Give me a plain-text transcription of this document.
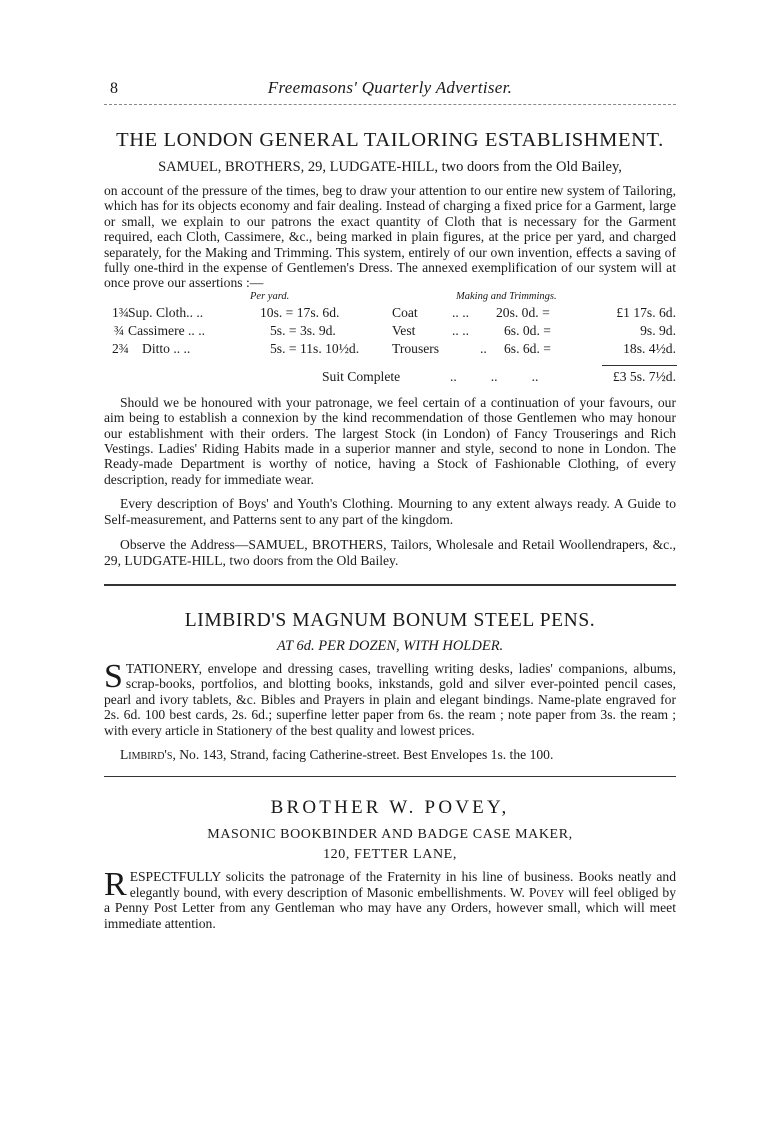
8	Freemasons' Quarterly Advertiser.
THE LONDON GENERAL TAILORING ESTABLISHMENT.
SAMUEL, BROTHERS, 29, LUDGATE-HILL, two doors from the Old Bailey,

on account of the pressure of the times, beg to draw your attention to our entire new system of Tailoring, which has for its objects economy and fair dealing. Instead of charging a fixed price for a Garment, large or small, we explain to our patrons the exact quantity of Cloth that is necessary for the Garment required, each Cloth, Cassimere, &c., being marked in plain figures, at the price per yard, and charged separately, for the Making and Trimming. This system, entirely of our own invention, effects a saving of fully one-third in the expense of Gentlemen's Dress. The annexed exemplification of our system will at once prove our assertions :—

Per yard.	Making and Trimmings.
1¾ Sup. Cloth.. ..	10s. = 17s. 6d.	Coat	.. .. 20s. 0d. =	£1 17s. 6d.
¾ Cassimere .. ..	5s. = 3s. 9d.	Vest	.. ..	6s. 0d. =	9s. 9d.
2¾ Ditto .. ..	5s. = 11s. 10½d. Trousers	.. 6s. 6d. =	18s. 4½d.
Suit Complete	..          ..          ..	£3 5s. 7½d.

Should we be honoured with your patronage, we feel certain of a continuation of your favours, our aim being to establish a connexion by the kind recommendation of those Gentlemen who may honour our establishment with their orders. The largest Stock (in London) of Fancy Trouserings and Rich Vestings. Ladies' Riding Habits made in a superior manner and style, second to none in London. The Ready-made Department is worthy of notice, having a Stock of Fashionable Clothing, of every description, ready for immediate wear.

Every description of Boys' and Youth's Clothing. Mourning to any extent always ready. A Guide to Self-measurement, and Patterns sent to any part of the kingdom.

Observe the Address—SAMUEL, BROTHERS, Tailors, Wholesale and Retail Woollendrapers, &c., 29, LUDGATE-HILL, two doors from the Old Bailey.

LIMBIRD'S MAGNUM BONUM STEEL PENS.
AT 6d. PER DOZEN, WITH HOLDER.

STATIONERY, envelope and dressing cases, travelling writing desks, ladies' companions, albums, scrap-books, portfolios, and blotting books, inkstands, gold and silver ever-pointed pencil cases, pearl and ivory tablets, &c. Bibles and Prayers in plain and elegant bindings. Name-plate engraved for 2s. 6d. 100 best cards, 2s. 6d.; superfine letter paper from 6s. the ream ; note paper from 3s. the ream ; with every article in Stationery of the best quality and lowest prices.

Limbird's, No. 143, Strand, facing Catherine-street. Best Envelopes 1s. the 100.

BROTHER W. POVEY,
MASONIC BOOKBINDER AND BADGE CASE MAKER,
120, FETTER LANE,

RESPECTFULLY solicits the patronage of the Fraternity in his line of business. Books neatly and elegantly bound, with every description of Masonic embellishments. W. Povey will feel obliged by a Penny Post Letter from any Gentleman who may have any Orders, however small, which will meet immediate attention.
